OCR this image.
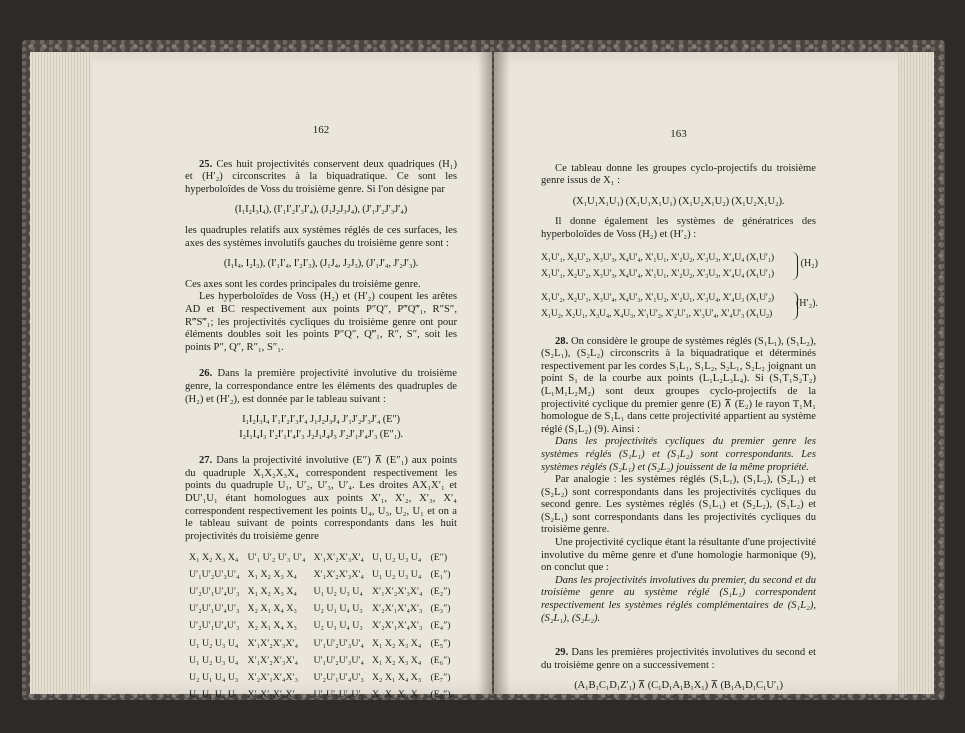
162

25. Ces huit projectivités conservent deux quadriques (H₁) et (H′₂) circonscrites à la biquadratique. Ce sont les hyperboloïdes de Voss du troisième genre. Si l'on désigne par

(I₁I₂I₃I₄), (I′₁I′₂I′₃I′₄), (J₁J₂J₃J₄), (J′₁J′₂J′₃J′₄)

les quadruples relatifs aux systèmes réglés de ces surfaces, les axes des systèmes involutifs gauches du troisième genre sont :

(I₁I₄, I₂I₃), (I′₁I′₄, I′₂I′₃), (J₁J₄, J₂J₃), (J′₁J′₄, J′₂J′₃).

Ces axes sont les cordes principales du troisième genre.

Les hyperboloïdes de Voss (H₂) et (H′₂) coupent les arêtes AD et BC respectivement aux points P″Q″, P‴Q‴₁, R″S″, R‴S‴₁; les projectivités cycliques du troisième genre ont pour éléments doubles soit les points P″Q″, Q‴₁, R″, S″, soit les points P″, Q″, R″₁, S″₁.

26. Dans la première projectivité involutive du troisième genre, la correspondance entre les éléments des quadruples de (H₂) et (H′₂), est donnée par le tableau suivant :

I₁I₂I₃I₄ I′₁I′₂I′₃I′₄ J₁J₂J₃J₄ J′₁J′₂J′₃J′₄ (E″)
I₂I₁I₄I₃ I′₂I′₁I′₄I′₃ J₂J₁J₄J₃ J′₂J′₁J′₄J′₃ (E″₁).

27. Dans la projectivité involutive (E″) ⊼ (E″₁) aux points du quadruple X₁X₂X₃X₄ correspondent respectivement les points du quadruple U₁, U′₂, U′₃, U′₄. Les droites AX₁X′₁ et DU′₁U₁ étant homologues aux points X′₁, X′₂, X′₃, X′₄ correspondent respectivement les points U₄, U₃, U₂, U₁ et on a le tableau suivant de points correspondants dans les huit projectivités du troisième genre

X₁ X₂ X₃ X₄	U′₁ U′₂ U′₃ U′₄	X′₁X′₂X′₃X′₄	U₁ U₂ U₃ U₄	(E″)
U′₁U′₂U′₃U′₄	X₁ X₂ X₃ X₄	X′₁X′₂X′₃X′₄	U₁ U₂ U₃ U₄	(E₁″)
U′₂U′₁U′₄U′₃	X₁ X₂ X₃ X₄	U₁ U₂ U₃ U₄	X′₁X′₂X′₃X′₄	(E₂″)
U′₂U′₁U′₄U′₃	X₂ X₁ X₄ X₃	U₂ U₁ U₄ U₃	X′₂X′₁X′₄X′₃	(E₃″)
U′₂U′₁U′₄U′₃	X₂ X₁ X₄ X₃	U₂ U₁ U₄ U₃	X′₂X′₁X′₄X′₃	(E₄″)
U₁ U₂ U₃ U₄	X′₁X′₂X′₃X′₄	U′₁U′₂U′₃U′₄	X₁ X₂ X₃ X₄	(E₅″)
U₁ U₂ U₃ U₄	X′₁X′₂X′₃X′₄	U′₁U′₂U′₃U′₄	X₁ X₂ X₃ X₄	(E₆″)
U₂ U₁ U₄ U₃	X′₂X′₁X′₄X′₃	U′₂U′₁U′₄U′₃	X₂ X₁ X₄ X₃	(E₇″)
U₂ U₁ U₄ U₃	X′₂X′₁X′₄X′₃	U′₂U′₁U′₄U′₃	X₂ X₁ X₄ X₃	(E₈″).
163

Ce tableau donne les groupes cyclo-projectifs du troisième genre issus de X₁ :

(X₁U₁X₁U₁) (X₁U₁X₁U₁) (X₁U₂X₁U₂) (X₁U₂X₁U₂).

Il donne également les systèmes de génératrices des hyperboloïdes de Voss (H₂) et (H′₂) :

X₁U′₁, X₂U′₂, X₃U′₃, X₄U′₄, X′₁U₁, X′₂U₂, X′₃U₃, X′₄U₄ (X₁U′₁)
X₁U′₁, X₂U′₂, X₃U′₃, X₄U′₄, X′₁U₁, X′₂U₂, X′₃U₃, X′₄U₄ (X₁U′₁)
(H₂)
X₁U′₂, X₂U′₁, X₃U′₄, X₄U′₃, X′₁U₂, X′₂U₁, X′₃U₄, X′₄U₃ (X₁U′₂)
X₁U₂, X₂U₁, X₃U₄, X₄U₃, X′₁U′₂, X′₂U′₁, X′₃U′₄, X′₄U′₃ (X₁U₂)
(H′₂).

28. On considère le groupe de systèmes réglés (S₁L₁), (S₁L₂), (S₂L₁), (S₂L₂) circonscrits à la biquadratique et déterminés respectivement par les cordes S₁L₁, S₁L₂, S₂L₁, S₂L₂ joignant un point S₁ de la courbe aux points (L₁L₂L₃L₄). Si (S₁T₁S₂T₂) (L₁M₁L₂M₂) sont deux groupes cyclo-projectifs de la projectivité cyclique du premier genre (E) ⊼ (E₂) le rayon T₁M₁ homologue de S₁L₁ dans cette projectivité appartient au système réglé (S₁L₂) (9). Ainsi :

Dans les projectivités cycliques du premier genre les systèmes réglés (S₁L₁) et (S₁L₂) sont correspondants. Les systèmes réglés (S₂L₁) et (S₂L₂) jouissent de la même propriété.

Par analogie : les systèmes réglés (S₁L₁), (S₁L₂), (S₂L₁) et (S₂L₂) sont correspondants dans les projectivités cycliques du second genre. Les systèmes réglés (S₁L₁) et (S₂L₂), (S₁L₂) et (S₂L₁) sont correspondants dans les projectivités cycliques du troisième genre.

Une projectivité cyclique étant la résultante d'une projectivité involutive du même genre et d'une homologie harmonique (9), on conclut que :

Dans les projectivités involutives du premier, du second et du troisième genre au système réglé (S₁L₁) correspondent respectivement les systèmes réglés complémentaires de (S₁L₂), (S₂L₁), (S₂L₂).

29. Dans les premières projectivités involutives du second et du troisième genre on a successivement :

(A₁B₁C₁D₁Z′₁) ⊼ (C₁D₁A₁B₁X₁) ⊼ (B₁A₁D₁C₁U′₁)
